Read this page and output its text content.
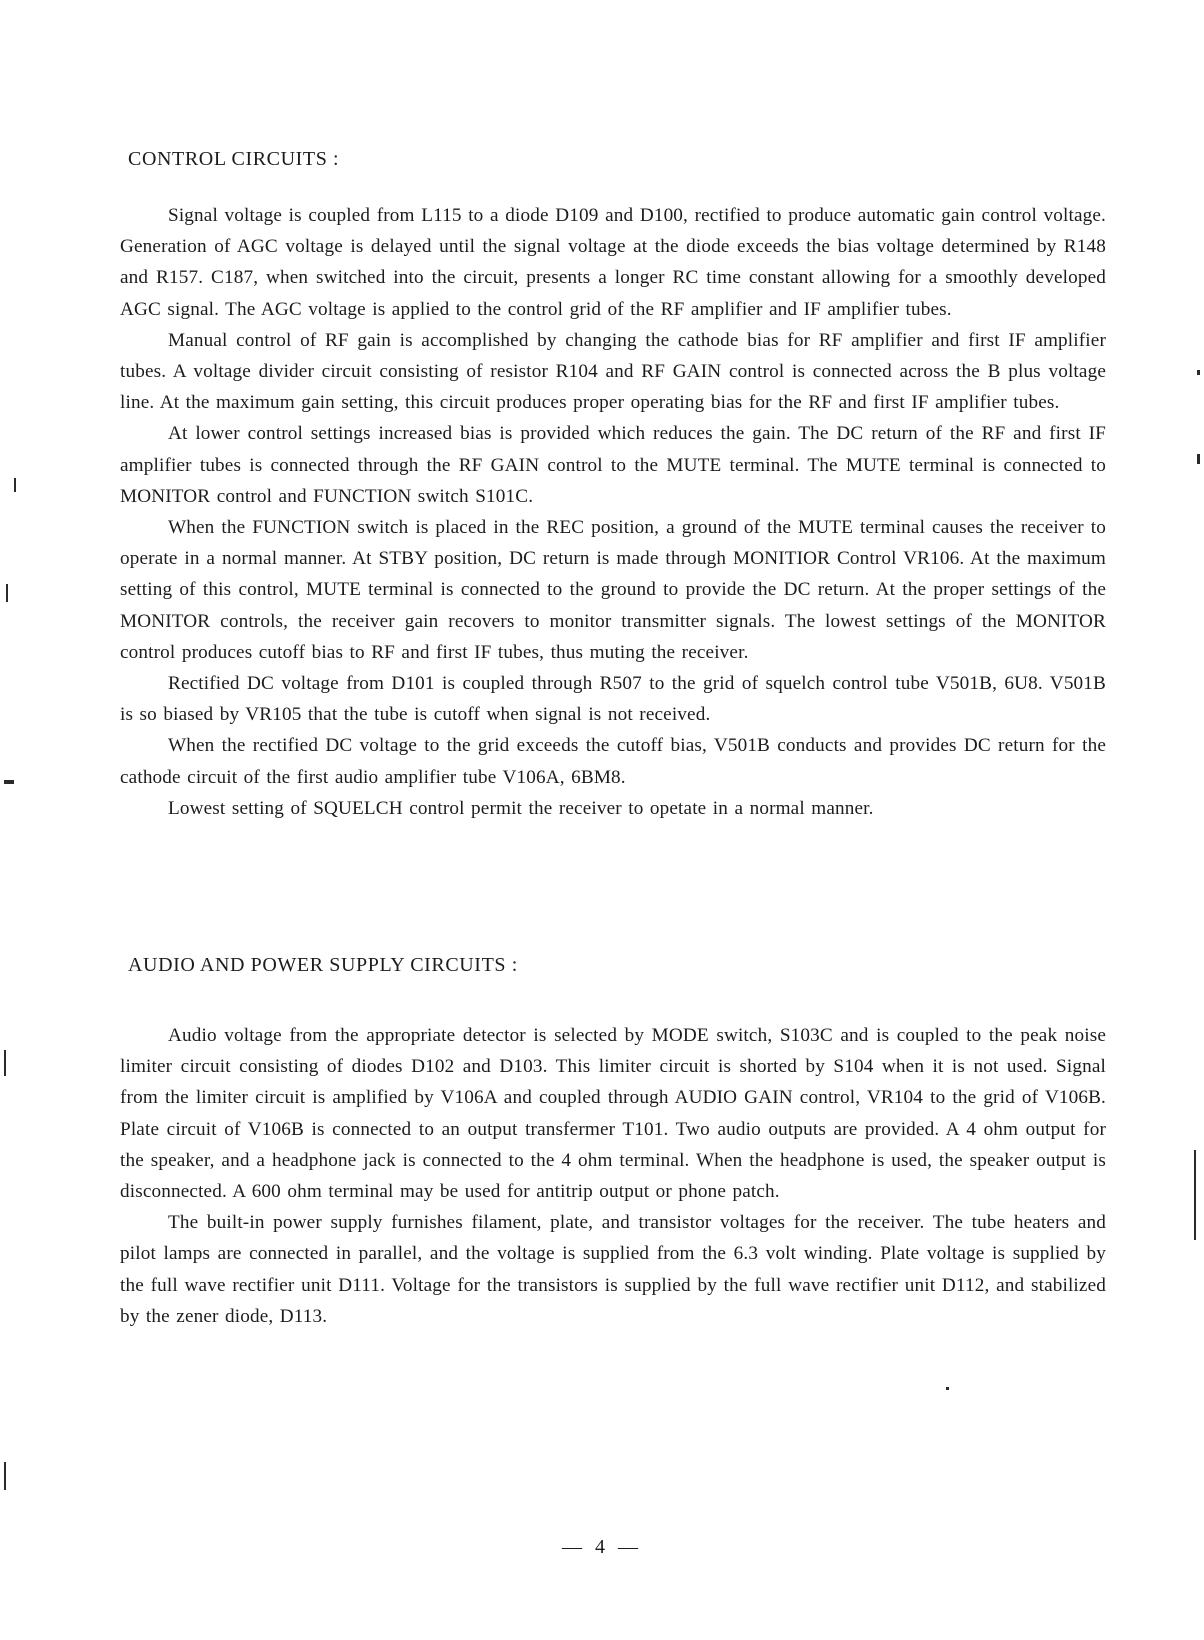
CONTROL CIRCUITS :

Signal voltage is coupled from L115 to a diode D109 and D100, rectified to produce automatic gain control voltage. Generation of AGC voltage is delayed until the signal voltage at the diode exceeds the bias voltage determined by R148 and R157. C187, when switched into the circuit, presents a longer RC time constant allowing for a smoothly developed AGC signal. The AGC voltage is applied to the control grid of the RF amplifier and IF amplifier tubes.

Manual control of RF gain is accomplished by changing the cathode bias for RF amplifier and first IF amplifier tubes. A voltage divider circuit consisting of resistor R104 and RF GAIN control is connected across the B plus voltage line. At the maximum gain setting, this circuit produces proper operating bias for the RF and first IF amplifier tubes.

At lower control settings increased bias is provided which reduces the gain. The DC return of the RF and first IF amplifier tubes is connected through the RF GAIN control to the MUTE terminal. The MUTE terminal is connected to MONITOR control and FUNCTION switch S101C.

When the FUNCTION switch is placed in the REC position, a ground of the MUTE terminal causes the receiver to operate in a normal manner. At STBY position, DC return is made through MONITIOR Control VR106. At the maximum setting of this control, MUTE terminal is connected to the ground to provide the DC return. At the proper settings of the MONITOR controls, the receiver gain recovers to monitor transmitter signals. The lowest settings of the MONITOR control produces cutoff bias to RF and first IF tubes, thus muting the receiver.

Rectified DC voltage from D101 is coupled through R507 to the grid of squelch control tube V501B, 6U8. V501B is so biased by VR105 that the tube is cutoff when signal is not received.

When the rectified DC voltage to the grid exceeds the cutoff bias, V501B conducts and provides DC return for the cathode circuit of the first audio amplifier tube V106A, 6BM8.

Lowest setting of SQUELCH control permit the receiver to opetate in a normal manner.

AUDIO AND POWER SUPPLY CIRCUITS :

Audio voltage from the appropriate detector is selected by MODE switch, S103C and is coupled to the peak noise limiter circuit consisting of diodes D102 and D103. This limiter circuit is shorted by S104 when it is not used. Signal from the limiter circuit is amplified by V106A and coupled through AUDIO GAIN control, VR104 to the grid of V106B. Plate circuit of V106B is connected to an output transfermer T101. Two audio outputs are provided. A 4 ohm output for the speaker, and a headphone jack is connected to the 4 ohm terminal. When the headphone is used, the speaker output is disconnected. A 600 ohm terminal may be used for antitrip output or phone patch.

The built-in power supply furnishes filament, plate, and transistor voltages for the receiver. The tube heaters and pilot lamps are connected in parallel, and the voltage is supplied from the 6.3 volt winding. Plate voltage is supplied by the full wave rectifier unit D111. Voltage for the transistors is supplied by the full wave rectifier unit D112, and stabilized by the zener diode, D113.

— 4 —
